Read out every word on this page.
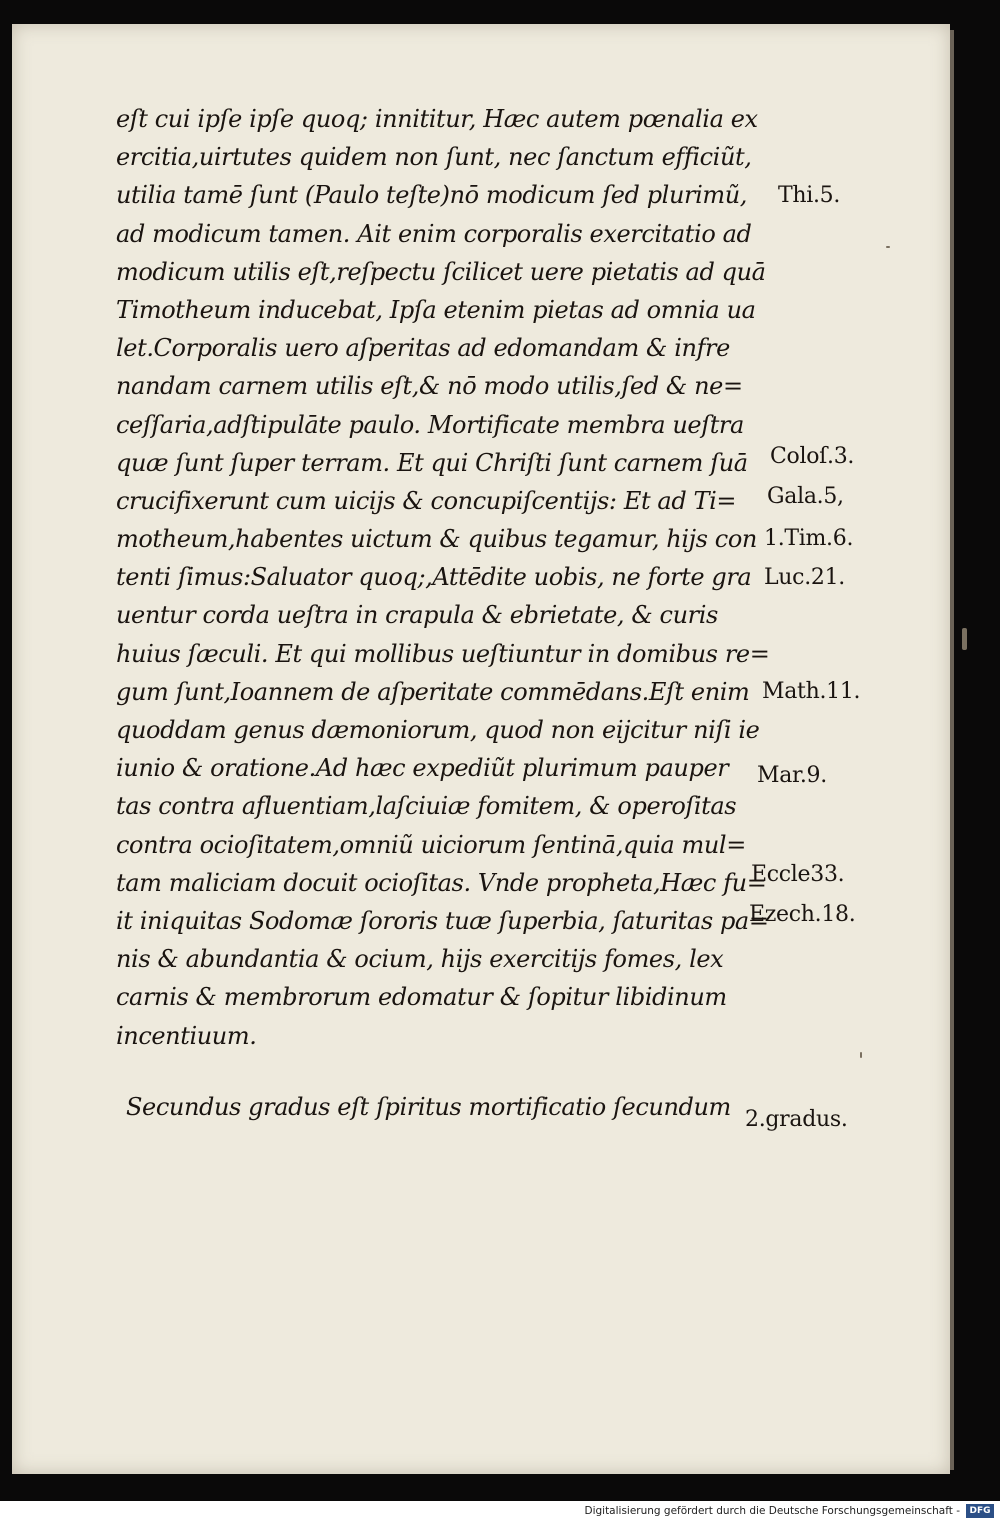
eſt cui ipſe ipſe quoq; innititur, Hæc autem pœnalia ex
ercitia,uirtutes quidem non ſunt, nec ſanctum efficiũt,
utilia tamē ſunt (Paulo teſte)nō modicum ſed plurimũ,
ad modicum tamen. Ait enim corporalis exercitatio ad
modicum utilis eſt,reſpectu ſcilicet uere pietatis ad quā
Timotheum inducebat, Ipſa etenim pietas ad omnia ua
let.Corporalis uero aſperitas ad edomandam & infre
nandam carnem utilis eſt,& nō modo utilis,ſed & ne=
ceſſaria,adſtipulāte paulo. Mortificate membra ueſtra
quæ ſunt ſuper terram. Et qui Chriſti ſunt carnem ſuā
crucifixerunt cum uicijs & concupiſcentijs: Et ad Ti=
motheum,habentes uictum & quibus tegamur, hijs con
tenti ſimus:Saluator quoq;,Attēdite uobis, ne forte gra
uentur corda ueſtra in crapula & ebrietate, & curis
huius ſæculi. Et qui mollibus ueſtiuntur in domibus re=
gum ſunt,Ioannem de aſperitate commēdans.Eſt enim
quoddam genus dæmoniorum, quod non eijcitur niſi ie
iunio & oratione.Ad hæc expediũt plurimum pauper
tas contra afluentiam,laſciuiæ fomitem, & operoſitas
contra ocioſitatem,omniũ uiciorum ſentinā,quia mul=
tam maliciam docuit ocioſitas. Vnde propheta,Hæc fu=
it iniquitas Sodomæ ſororis tuæ ſuperbia, ſaturitas pa=
nis & abundantia & ocium, hijs exercitijs fomes, lex
carnis & membrorum edomatur & ſopitur libidinum
incentiuum.
Secundus gradus eſt ſpiritus mortificatio ſecundum
Thi.5.
Coloſ.3.
Gala.5,
1.Tim.6.
Luc.21.
Math.11.
Mar.9.
Eccle33.
Ezech.18.
2.gradus.
Digitalisierung gefördert durch die Deutsche Forschungsgemeinschaft -	DFG
